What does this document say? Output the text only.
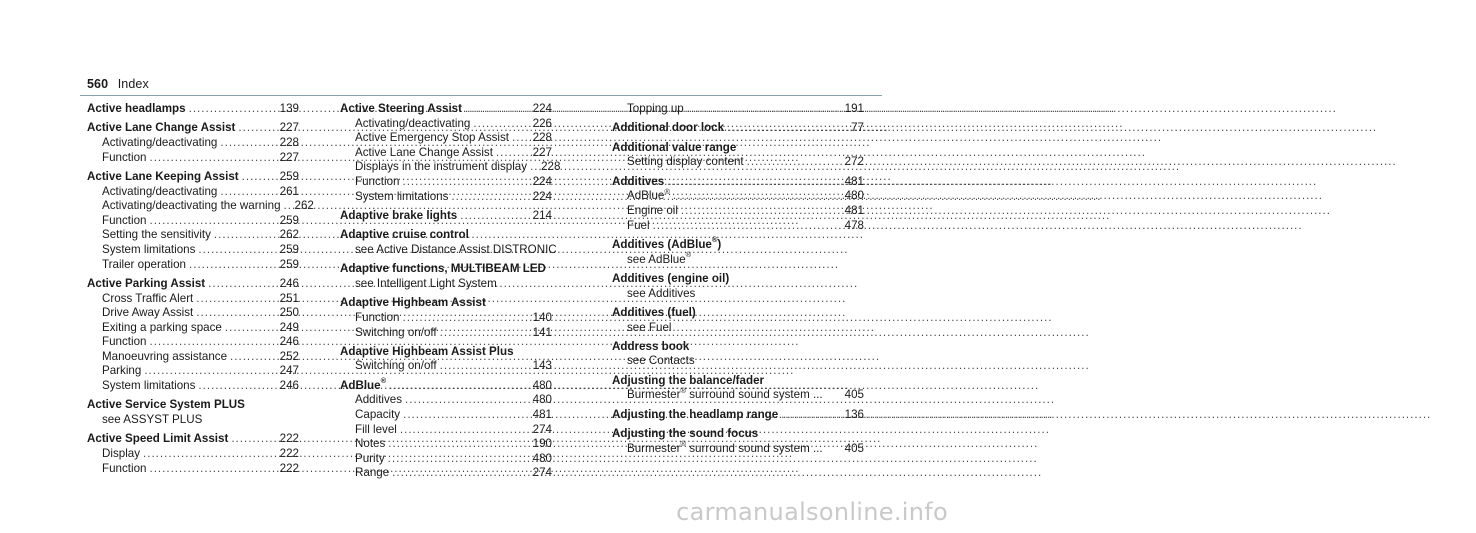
560 Index
Active headlamps .....	139
Active Lane Change Assist .....	227
Activating/deactivating .....	228
Function .....	227
Active Lane Keeping Assist .....	259
Activating/deactivating .....	261
Activating/deactivating the warning ..... 262
Function .....	259
Setting the sensitivity .....	262
System limitations .....	259
Trailer operation .....	259
Active Parking Assist .....	246
Cross Traffic Alert .....	251
Drive Away Assist .....	250
Exiting a parking space .....	249
Function .....	246
Manoeuvring assistance .....	252
Parking .....	247
System limitations .....	246
Active Service System PLUS
see ASSYST PLUS
Active Speed Limit Assist .....	222
Display .....	222
Function .....	222
Active Steering Assist .....	224
Activating/deactivating .....	226
Active Emergency Stop Assist ..... 228
Active Lane Change Assist .....	227
Displays in the instrument display ..... 228
Function .....	224
System limitations .....	224
Adaptive brake lights .....	214
Adaptive cruise control
see Active Distance Assist DISTRONIC
Adaptive functions, MULTIBEAM LED
see Intelligent Light System
Adaptive Highbeam Assist
Function .....	140
Switching on/off .....	141
Adaptive Highbeam Assist Plus
Switching on/off .....	143
AdBlue® .....	480
Additives .....	480
Capacity .....	481
Fill level .....	274
Notes .....	190
Purity .....	480
Range .....	274
Topping up .....	191
Additional door lock .....	77
Additional value range
Setting display content .....	272
Additives .....	481
AdBlue® .....	480
Engine oil .....	481
Fuel .....	478
Additives (AdBlue®)
see AdBlue®
Additives (engine oil)
see Additives
Additives (fuel)
see Fuel
Address book
see Contacts
Adjusting the balance/fader
Burmester® surround sound system ... 405
Adjusting the headlamp range .....	136
Adjusting the sound focus
Burmester® surround sound system ... 405
carmanualsonline.info
